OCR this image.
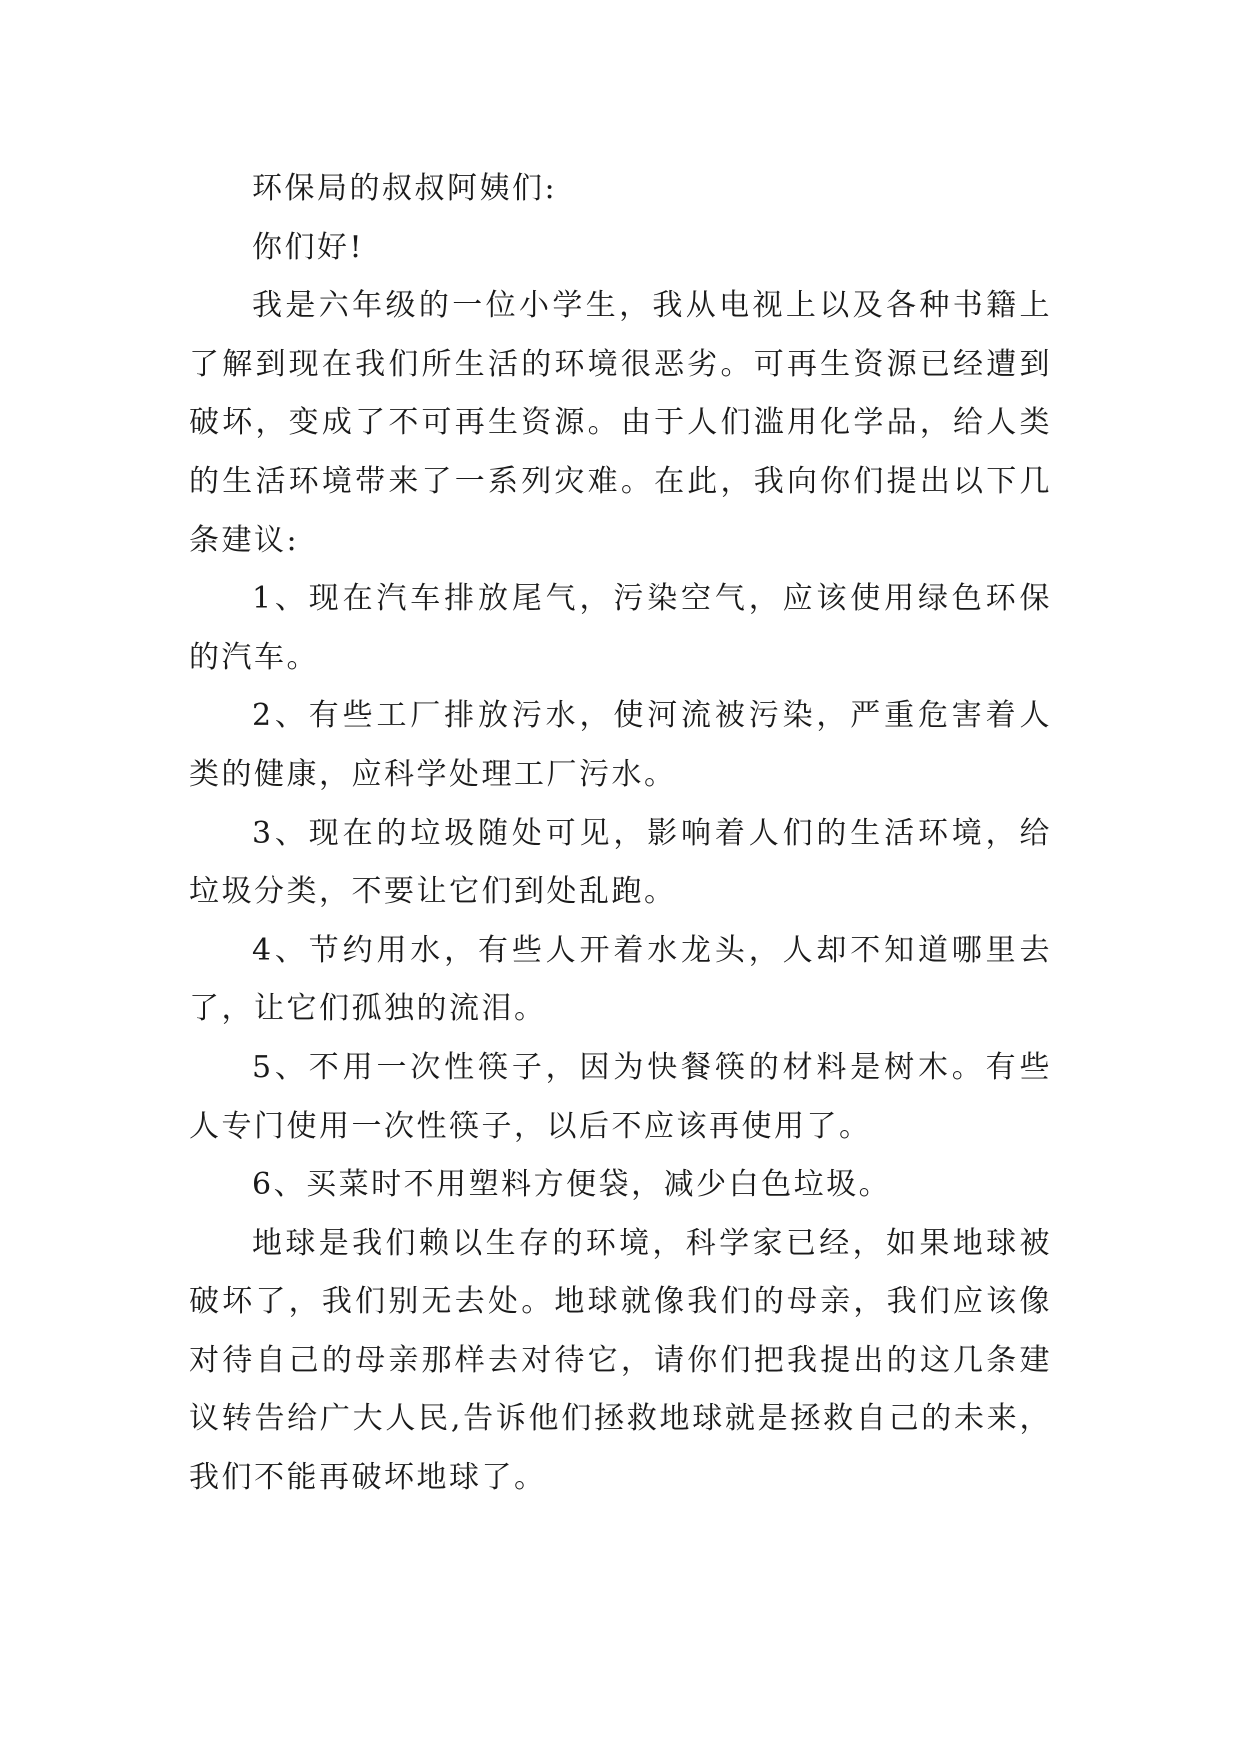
环保局的叔叔阿姨们:

你们好!

我是六年级的一位小学生，我从电视上以及各种书籍上了解到现在我们所生活的环境很恶劣。可再生资源已经遭到破坏，变成了不可再生资源。由于人们滥用化学品，给人类的生活环境带来了一系列灾难。在此，我向你们提出以下几条建议:

1、现在汽车排放尾气，污染空气，应该使用绿色环保的汽车。

2、有些工厂排放污水，使河流被污染，严重危害着人类的健康，应科学处理工厂污水。

3、现在的垃圾随处可见，影响着人们的生活环境，给垃圾分类，不要让它们到处乱跑。

4、节约用水，有些人开着水龙头，人却不知道哪里去了，让它们孤独的流泪。

5、不用一次性筷子，因为快餐筷的材料是树木。有些人专门使用一次性筷子，以后不应该再使用了。

6、买菜时不用塑料方便袋，减少白色垃圾。

地球是我们赖以生存的环境，科学家已经，如果地球被破坏了，我们别无去处。地球就像我们的母亲，我们应该像对待自己的母亲那样去对待它，请你们把我提出的这几条建议转告给广大人民,告诉他们拯救地球就是拯救自己的未来，我们不能再破坏地球了。
